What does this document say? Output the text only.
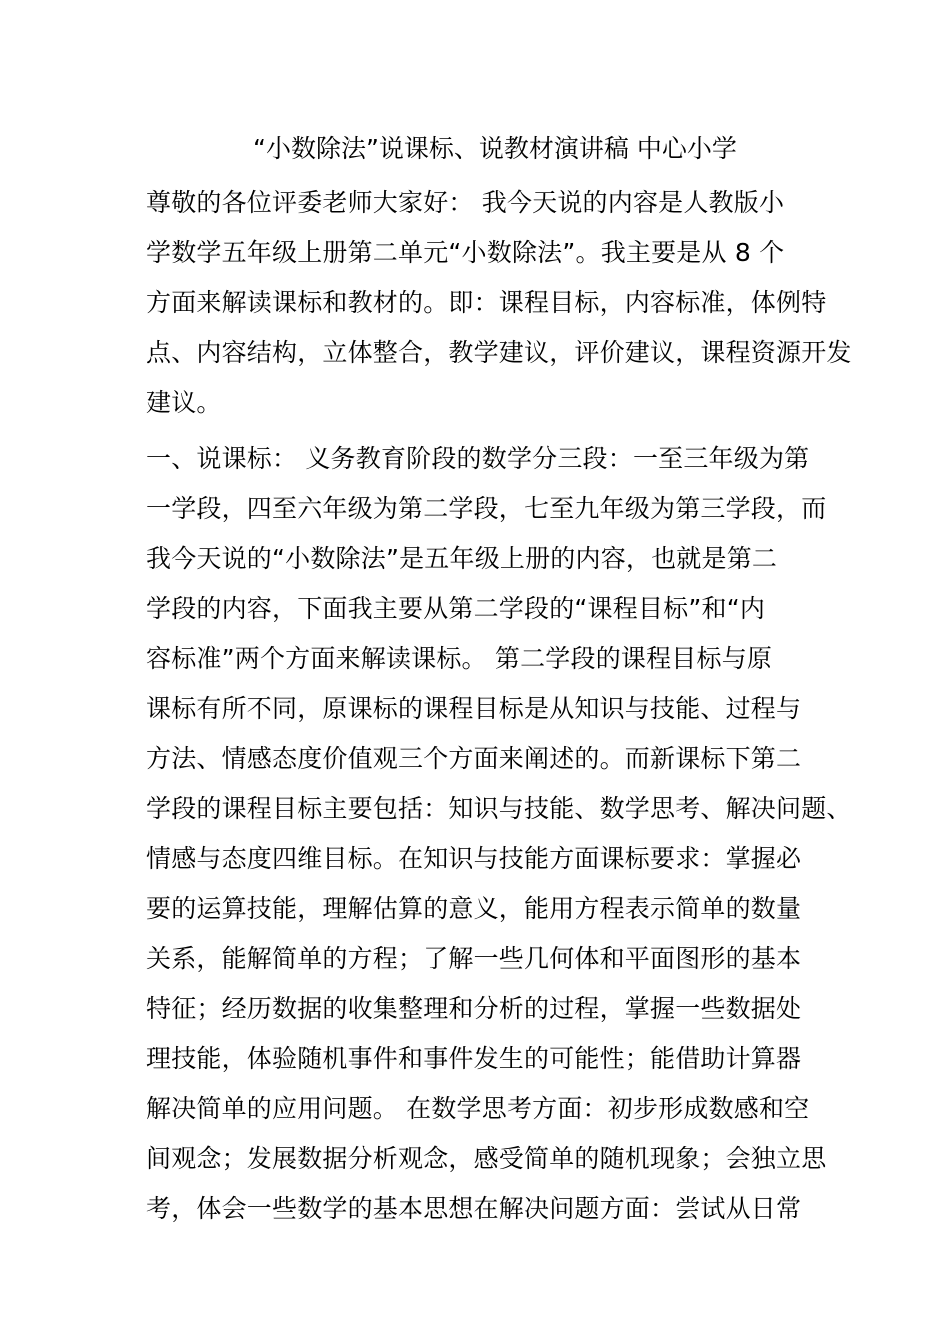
“小数除法”说课标、说教材演讲稿 中心小学
尊敬的各位评委老师大家好： 我今天说的内容是人教版小
学数学五年级上册第二单元“小数除法”。我主要是从 8 个
方面来解读课标和教材的。即：课程目标，内容标准，体例特
点、内容结构，立体整合，教学建议，评价建议，课程资源开发
建议。
一、说课标： 义务教育阶段的数学分三段：一至三年级为第
一学段，四至六年级为第二学段，七至九年级为第三学段，而
我今天说的“小数除法”是五年级上册的内容，也就是第二
学段的内容，下面我主要从第二学段的“课程目标”和“内
容标准”两个方面来解读课标。 第二学段的课程目标与原
课标有所不同，原课标的课程目标是从知识与技能、过程与
方法、情感态度价值观三个方面来阐述的。而新课标下第二
学段的课程目标主要包括：知识与技能、数学思考、解决问题、
情感与态度四维目标。在知识与技能方面课标要求：掌握必
要的运算技能，理解估算的意义，能用方程表示简单的数量
关系，能解简单的方程；了解一些几何体和平面图形的基本
特征；经历数据的收集整理和分析的过程，掌握一些数据处
理技能，体验随机事件和事件发生的可能性；能借助计算器
解决简单的应用问题。 在数学思考方面：初步形成数感和空
间观念；发展数据分析观念，感受简单的随机现象；会独立思
考，体会一些数学的基本思想在解决问题方面：尝试从日常
